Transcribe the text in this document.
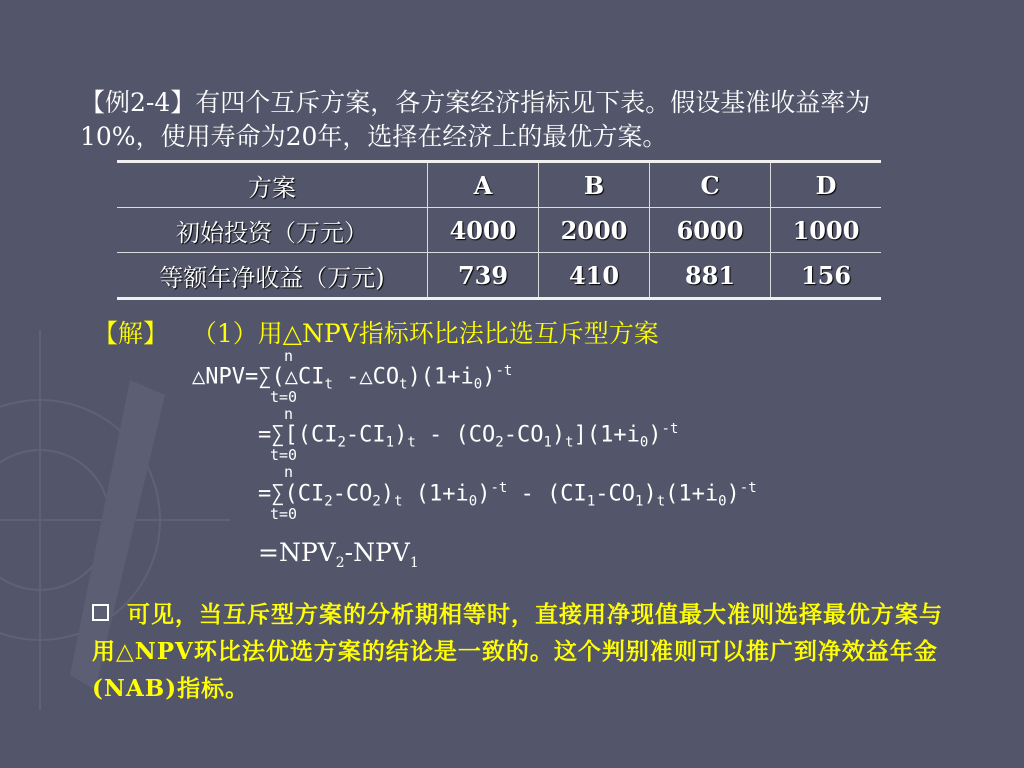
【例2-4】有四个互斥方案，各方案经济指标见下表。假设基准收益率为10%，使用寿命为20年，选择在经济上的最优方案。
方案	A	B	C	D
初始投资（万元）	4000	2000	6000	1000
等额年净收益（万元)	739	410	881	156
【解】 （1）用△NPV指标环比法比选互斥型方案
n
$\triangle NPV=\sum(\triangle CI_t$ $-\triangle CO_t)(1+i_0)^{-t}$
t=0
n
$=\sum[(CI_2-CI_1)_t - (CO_2-CO_1)_t](1+i_0)^{-t}$
t=0
n
$=\sum(CI_2-CO_2)_t$ $(1+i_0)^{-t} - (CI_1-CO_1)_t(1+i_0)^{-t}$
t=0
$=NPV_2-NPV_1$
可见，当互斥型方案的分析期相等时，直接用净现值最大准则选择最优方案与用△NPV环比法优选方案的结论是一致的。这个判别准则可以推广到净效益年金(NAB)指标。
